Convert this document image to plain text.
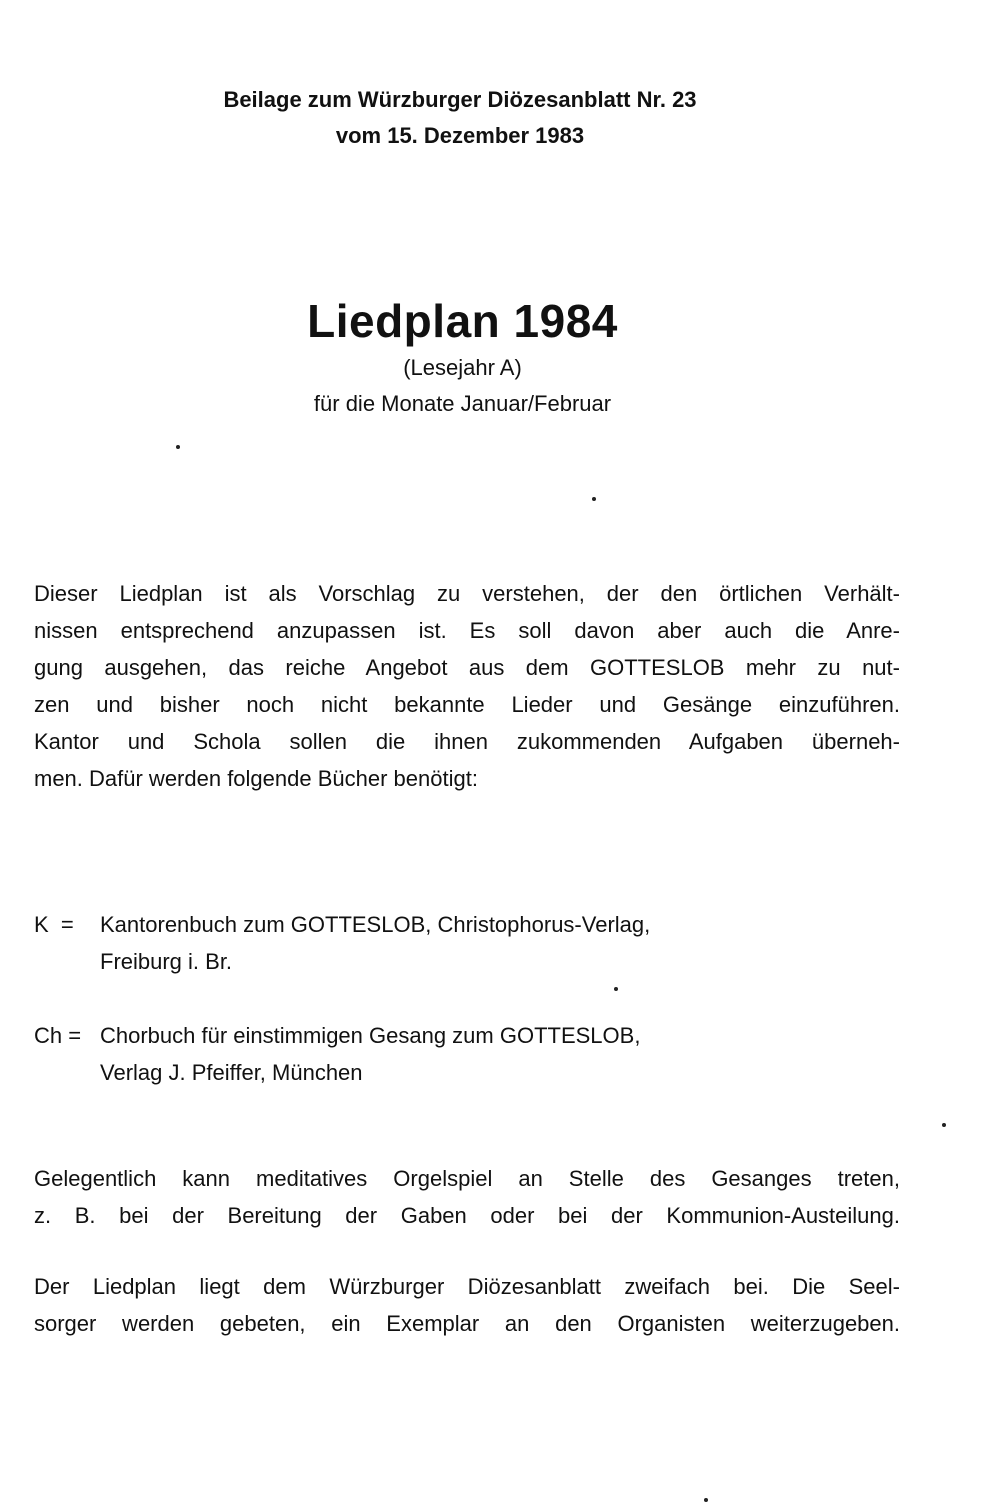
Beilage zum Würzburger Diözesanblatt Nr. 23
vom 15. Dezember 1983
Liedplan 1984
(Lesejahr A)
für die Monate Januar/Februar
Dieser Liedplan ist als Vorschlag zu verstehen, der den örtlichen Verhält-
nissen entsprechend anzupassen ist. Es soll davon aber auch die Anre-
gung ausgehen, das reiche Angebot aus dem GOTTESLOB mehr zu nut-
zen und bisher noch nicht bekannte Lieder und Gesänge einzuführen.
Kantor und Schola sollen die ihnen zukommenden Aufgaben überneh-
men. Dafür werden folgende Bücher benötigt:
K = Kantorenbuch zum GOTTESLOB, Christophorus-Verlag,
Freiburg i. Br.
Ch = Chorbuch für einstimmigen Gesang zum GOTTESLOB,
Verlag J. Pfeiffer, München
Gelegentlich kann meditatives Orgelspiel an Stelle des Gesanges treten,
z. B. bei der Bereitung der Gaben oder bei der Kommunion-Austeilung.
Der Liedplan liegt dem Würzburger Diözesanblatt zweifach bei. Die Seel-
sorger werden gebeten, ein Exemplar an den Organisten weiterzugeben.
